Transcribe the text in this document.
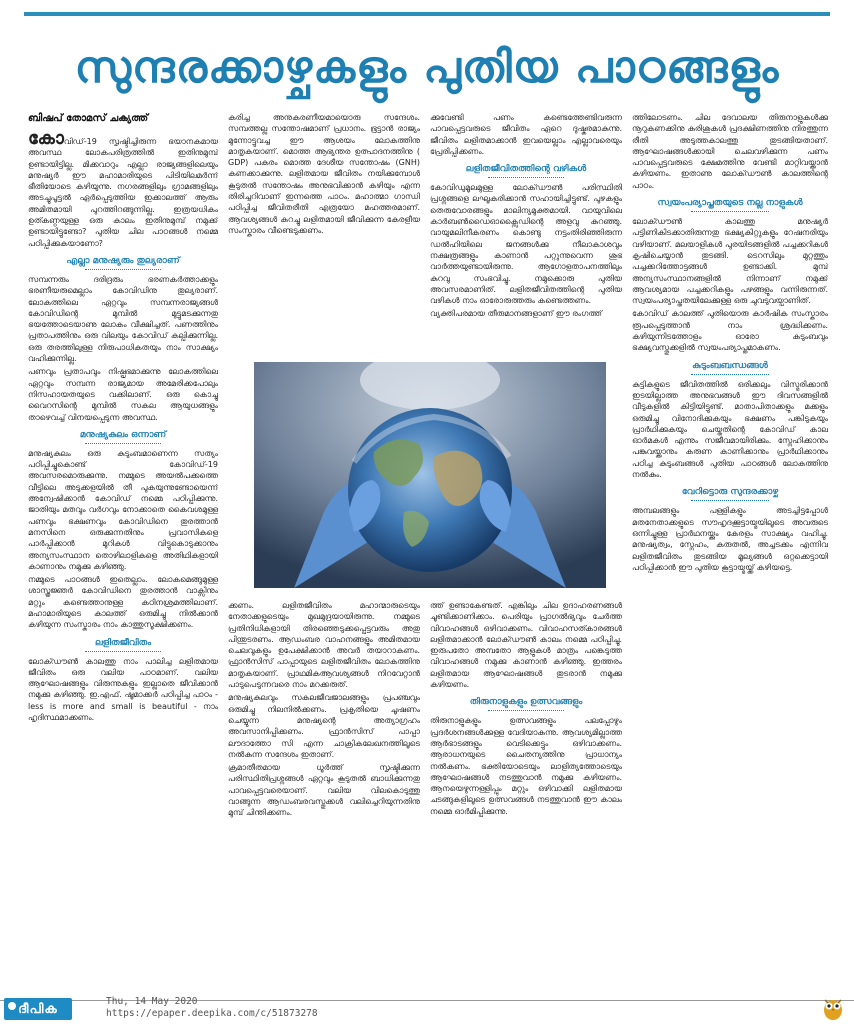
സുന്ദരക്കാഴ്ചകളും പുതിയ പാഠങ്ങളും
ബിഷപ് തോമസ് ചക്യത്ത്

കോവിഡ്-19 സൃഷ്ടിച്ചിരുന്ന ഭയാനകമായ അവസ്ഥ ലോകപരിത്രത്തിൽ ഇതിനുമുമ്പ് ഉണ്ടായിട്ടില്ല. മിക്കവാറും എല്ലാ രാജ്യങ്ങളിലെയും മനുഷ്യർ ഈ മഹാമാരിയുടെ പിടിയിലമർന്ന് ഭീതിയോടെ കഴിയുന്നു. നഗരങ്ങളിലും ഗ്രാമങ്ങളിലും അടച്ചുപൂട്ടൽ ഏർപ്പെടുത്തിയ ഇക്കാലത്ത് ആരും അമിതമായി പുറത്തിറങ്ങുന്നില്ല. ഇത്രയധികം ഉത്കണ്ഠയുള്ള ഒരു കാലം ഇതിനുമുമ്പ് നമുക്ക് ഉണ്ടായിട്ടുണ്ടോ? പുതിയ ചില പാഠങ്ങൾ നമ്മെ പഠിപ്പിക്കുകയാണോ?

എല്ലാ മനുഷ്യരും തുല്യരാണ്

സമ്പന്നരും ദരിദ്രരും ഭരണകർത്താക്കളും ഭരണീയരുമെല്ലാം കോവിഡിനു തുല്യരാണ്. ലോകത്തിലെ ഏറ്റവും സമ്പന്നരാജ്യങ്ങൾ കോവിഡിന്റെ മുമ്പിൽ മുട്ടുമടക്കുന്നതു ഭയത്തോടെയാണു ലോകം വീക്ഷിച്ചത്. പണത്തിനും പ്രതാപത്തിനും ഒരു വിലയും കോവിഡ് കല്പിക്കുന്നില്ല. ഒരു തരത്തിലുള്ള നിരുപാധികതയും നാം സാക്ഷ്യം വഹിക്കുന്നില്ല.

പണവും പ്രതാപവും നിഷ്പ്രഭമാക്കുന്നു ലോകത്തിലെ ഏറ്റവും സമ്പന്ന രാജ്യമായ അമേരിക്കപോലും നിസഹായതയുടെ വക്കിലാണ്. ഒരു കൊച്ചു വൈറസിന്റെ മുമ്പിൽ സകല ആയുധങ്ങളും താഴെവച്ച് വിനയപ്പെടുന്ന അവസ്ഥ.

മനുഷ്യകുലം ഒന്നാണ്

മനുഷ്യകുലം ഒരു കുടുംബമാണെന്ന സത്യം പഠിപ്പിച്ചുകൊണ്ട് കോവിഡ്-19 അവസരമൊരുക്കുന്നു. നമ്മുടെ അയൽപക്കത്തെ വീട്ടിലെ അടുക്കളയിൽ തീ പുകയുന്നുണ്ടോയെന്ന് അന്വേഷിക്കാൻ കോവിഡ് നമ്മെ പഠിപ്പിക്കുന്നു. ജാതിയും മതവും വർഗവും നോക്കാതെ കൈവശമുള്ള പണവും ഭക്ഷണവും കോവിഡിനെ തുരത്താൻ മനസിനെ ഒരുക്കുന്നതിനും പ്രവാസികളെ പാർപ്പിക്കാൻ മുറികൾ വിട്ടുകൊടുക്കാനും അന്യസംസ്ഥാന തൊഴിലാളികളെ അതിഥികളായി കാണാനും നമുക്കു കഴിഞ്ഞു.

നമ്മുടെ പാഠങ്ങൾ ഇതെല്ലാം. ലോകമെങ്ങുമുള്ള ശാസ്ത്രജ്ഞർ കോവിഡിനെ തുരത്താൻ വാക്സിനും മറ്റും കണ്ടെത്താനുള്ള കഠിനശ്രമത്തിലാണ്. മഹാമാരിയുടെ കാലത്ത് ഒരുമിച്ചു നിൽക്കാൻ കഴിയുന്ന സംസ്കാരം നാം കാത്തുസൂക്ഷിക്കണം.

ലളിതജീവിതം

ലോക്ഡൗൺ കാലത്തു നാം പാലിച്ച ലളിതമായ ജീവിതം ഒരു വലിയ പാഠമാണ്. വലിയ ആഘോഷങ്ങളും വിരുന്നുകളും ഇല്ലാതെ ജീവിക്കാൻ നമുക്കു കഴിഞ്ഞു. ഇ.എഫ്. ഷൂമാക്കർ പഠിപ്പിച്ച പാഠം - less is more and small is beautiful - നാം ഹൃദിസ്ഥമാക്കണം.

കരിച്ച അനുകരണീയമായൊരു സന്ദേശം. സമ്പത്തല്ല സന്തോഷമാണ് പ്രധാനം. ഭൂട്ടാൻ രാജ്യം മുന്നോട്ടുവച്ച ഈ ആശയം ലോകത്തിനു മാതൃകയാണ്. മൊത്ത ആഭ്യന്തര ഉത്പാദനത്തിനു ( GDP) പകരം മൊത്ത ദേശീയ സന്തോഷം (GNH) കണക്കാക്കുന്നു. ലളിതമായ ജീവിതം നയിക്കുമ്പോൾ കൂടുതൽ സന്തോഷം അനുഭവിക്കാൻ കഴിയും എന്ന തിരിച്ചറിവാണ് ഇന്നത്തെ പാഠം. മഹാത്മാ ഗാന്ധി പഠിപ്പിച്ച ജീവിതരീതി എത്രയോ മഹത്തരമാണ്. ആവശ്യങ്ങൾ കുറച്ചു ലളിതമായി ജീവിക്കുന്ന കേരളീയ സംസ്കാരം വീണ്ടെടുക്കണം.

ക്കുവേണ്ടി പണം കണ്ടെത്തേണ്ടിവരുന്ന പാവപ്പെട്ടവരുടെ ജീവിതം ഏറെ ദുഷ്കരമാകുന്നു. ജീവിതം ലളിതമാക്കാൻ ഇവയെല്ലാം എല്ലാവരെയും പ്രേരിപ്പിക്കണം.

ലളിതജീവിതത്തിന്റെ വഴികൾ

കോവിഡുമൂലമുള്ള ലോക്ഡൗൺ പരിസ്ഥിതി പ്രശ്നങ്ങളെ ലഘൂകരിക്കാൻ സഹായിച്ചിട്ടുണ്ട്. പുഴകളും തെരുവോരങ്ങളും മാലിന്യമുക്തമായി. വായുവിലെ കാർബൺഡൈഓക്സൈഡിന്റെ അളവു കുറഞ്ഞു. വായുമലിനീകരണം കൊണ്ടു നട്ടംതിരിഞ്ഞിരുന്ന ഡൽഹിയിലെ ജനങ്ങൾക്കു നീലാകാശവും നക്ഷത്രങ്ങളും കാണാൻ പറ്റുന്നുവെന്ന ശുഭ വാർത്തയുണ്ടായിരുന്നു. ആഗോളതാപനത്തിലും കുറവു സംഭവിച്ചു. നമുക്കൊരു പുതിയ അവസരമാണിത്. ലളിതജീവിതത്തിന്റെ പുതിയ വഴികൾ നാം ഓരോരുത്തരും കണ്ടെത്തണം.

വ്യക്തിപരമായ തീരുമാനങ്ങളാണ് ഈ രംഗത്ത്

ക്കണം. ലളിതജീവിതം മഹാന്മാരുടെയും നേതാക്കളുടെയും മുഖമുദ്രയായിരുന്നു. നമ്മുടെ പ്രതിനിധികളായി തിരഞ്ഞെടുക്കപ്പെട്ടവരും അതു പിന്തുടരണം. ആഡംബര വാഹനങ്ങളും അമിതമായ ചെലവുകളും ഉപേക്ഷിക്കാൻ അവർ തയാറാകണം. ഫ്രാൻസിസ് പാപ്പായുടെ ലളിതജീവിതം ലോകത്തിനു മാതൃകയാണ്. പ്രാഥമികആവശ്യങ്ങൾ നിറവേറ്റാൻ പാടുപെടുന്നവരെ നാം മറക്കരുത്.

മനുഷ്യകുലവും സകലജീവജാലങ്ങളും പ്രപഞ്ചവും ഒരുമിച്ചു നിലനിൽക്കണം. പ്രകൃതിയെ ചൂഷണം ചെയ്യുന്ന മനുഷ്യന്റെ അത്യാഗ്രഹം അവസാനിപ്പിക്കണം. ഫ്രാൻസിസ് പാപ്പാ ലൗദാത്തോ സി എന്ന ചാക്രികലേഖനത്തിലൂടെ നൽകുന്ന സന്ദേശം ഇതാണ്.

ക്രമാതീതമായ ധൂർത്ത് സൃഷ്ടിക്കുന്ന പരിസ്ഥിതിപ്രശ്നങ്ങൾ ഏറ്റവും കൂടുതൽ ബാധിക്കുന്നതു പാവപ്പെട്ടവരെയാണ്. വലിയ വിലകൊടുത്തു വാങ്ങുന്ന ആഡംബരവസ്തുക്കൾ വലിച്ചെറിയുന്നതിനു മുമ്പ് ചിന്തിക്കണം.

ത്ത് ഉണ്ടാകേണ്ടത്. എങ്കിലും ചില ഉദാഹരണങ്ങൾ ചൂണ്ടിക്കാണിക്കാം. പെരിയും പ്രാഗൽഭ്യവും ചേർത്ത വിവാഹങ്ങൾ ഒഴിവാക്കണം. വിവാഹസത്കാരങ്ങൾ ലളിതമാക്കാൻ ലോക്ഡൗൺ കാലം നമ്മെ പഠിപ്പിച്ചു. ഇരുപതോ അമ്പതോ ആളുകൾ മാത്രം പങ്കെടുത്ത വിവാഹങ്ങൾ നമുക്കു കാണാൻ കഴിഞ്ഞു. ഇത്തരം ലളിതമായ ആഘോഷങ്ങൾ തുടരാൻ നമുക്കു കഴിയണം.

തിരുനാളുകളും ഉത്സവങ്ങളും

തിരുനാളുകളും ഉത്സവങ്ങളും പലപ്പോഴും പ്രദർശനങ്ങൾക്കുള്ള വേദിയാകുന്നു. ആവശ്യമില്ലാത്ത ആർഭാടങ്ങളും വെടിക്കെട്ടും ഒഴിവാക്കണം. ആരാധനയുടെ ചൈതന്യത്തിനു പ്രാധാന്യം നൽകണം. ഭക്തിയോടെയും ലാളിത്യത്തോടെയും ആഘോഷങ്ങൾ നടത്തുവാൻ നമുക്കു കഴിയണം. ആനയെഴുന്നള്ളിപ്പും മറ്റും ഒഴിവാക്കി ലളിതമായ ചടങ്ങുകളിലൂടെ ഉത്സവങ്ങൾ നടത്തുവാൻ ഈ കാലം നമ്മെ ഓർമിപ്പിക്കുന്നു.

ത്തിലോടണം. ചില ദേവാലയ തിരുനാളുകൾക്കു നൂറുകണക്കിനു കുരിശുകൾ പ്രദക്ഷിണത്തിനു നിരത്തുന്ന രീതി അടുത്തകാലത്തു തുടങ്ങിയതാണ്. ആഘോഷങ്ങൾക്കായി ചെലവഴിക്കുന്ന പണം പാവപ്പെട്ടവരുടെ ക്ഷേമത്തിനു വേണ്ടി മാറ്റിവയ്ക്കാൻ കഴിയണം. ഇതാണു ലോക്ഡൗൺ കാലത്തിന്റെ പാഠം.

സ്വയംപര്യാപ്തതയുടെ നല്ല നാളുകൾ

ലോക്ഡൗൺ കാലത്തു മനുഷ്യർ പട്ടിണികിടക്കാതിരുന്നതു ഭക്ഷ്യകിറ്റുകളും റേഷനരിയും വഴിയാണ്. മലയാളികൾ പുരയിടങ്ങളിൽ പച്ചക്കറികൾ കൃഷിചെയ്യാൻ തുടങ്ങി. ടെറസിലും മുറ്റത്തും പച്ചക്കറിത്തോട്ടങ്ങൾ ഉണ്ടാക്കി. മുമ്പ് അന്യസംസ്ഥാനങ്ങളിൽ നിന്നാണ് നമുക്ക് ആവശ്യമായ പച്ചക്കറികളും പഴങ്ങളും വന്നിരുന്നത്. സ്വയംപര്യാപ്തതയിലേക്കുള്ള ഒരു ചുവടുവയ്പാണിത്.

കോവിഡ് കാലത്ത് പുതിയൊരു കാർഷിക സംസ്കാരം രൂപപ്പെടുത്താൻ നാം ശ്രദ്ധിക്കണം. കഴിയുന്നിടത്തോളം ഓരോ കുടുംബവും ഭക്ഷ്യവസ്തുക്കളിൽ സ്വയംപര്യാപ്തമാകണം.

കുടുംബബന്ധങ്ങൾ

കുട്ടികളുടെ ജീവിതത്തിൽ ഒരിക്കലും വിസ്മരിക്കാൻ ഇടയില്ലാത്ത അനുഭവങ്ങൾ ഈ ദിവസങ്ങളിൽ വീടുകളിൽ കിട്ടിയിട്ടുണ്ട്. മാതാപിതാക്കളും മക്കളും ഒരുമിച്ചു വിനോദിക്കുകയും ഭക്ഷണം പങ്കിടുകയും പ്രാർഥിക്കുകയും ചെയ്തതിന്റെ കോവിഡ് കാല ഓർമകൾ എന്നും സജീവമായിരിക്കും. സ്നേഹിക്കാനും പങ്കുവയ്ക്കാനും കരുണ കാണിക്കാനും പ്രാർഥിക്കാനും പഠിച്ച കുടുംബങ്ങൾ പുതിയ പാഠങ്ങൾ ലോകത്തിനു നൽകും.

വേറിട്ടൊരു സുന്ദരക്കാഴ്ച

അമ്പലങ്ങളും പള്ളികളും അടച്ചിട്ടപ്പോൾ മതനേതാക്കളുടെ സൗഹൃദക്കൂട്ടായ്മയിലൂടെ അവരുടെ ഒന്നിച്ചുള്ള പ്രാർഥനയ്ക്കും കേരളം സാക്ഷ്യം വഹിച്ചു. മനുഷ്യത്വം, സ്നേഹം, കരുതൽ, അച്ചടക്കം എന്നിവ ലളിതജീവിതം തുടങ്ങിയ മൂല്യങ്ങൾ ഒറ്റക്കെട്ടായി പഠിപ്പിക്കാൻ ഈ പുതിയ കൂട്ടായ്മയ്ക്ക് കഴിയട്ടെ.

ദീപിക	Thu, 14 May 2020
https://epaper.deepika.com/c/51873278
